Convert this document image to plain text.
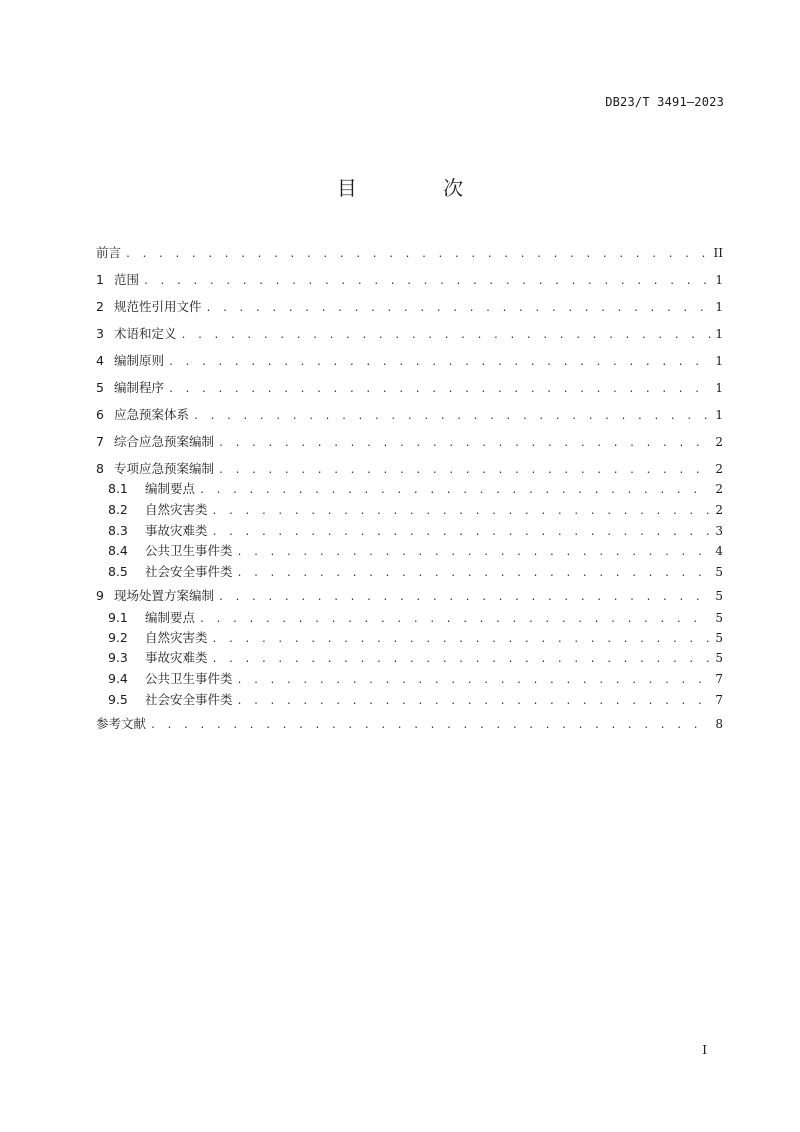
DB23/T 3491—2023
目 次
前言 . . .	II
1 范围 . . .	1
2 规范性引用文件 . . .	1
3 术语和定义 . . .	1
4 编制原则 . . .	1
5 编制程序 . . .	1
6 应急预案体系 . . .	1
7 综合应急预案编制 . . .	2
8 专项应急预案编制 . . .	2
8.1	编制要点 . . .	2
8.2	自然灾害类 . . .	2
8.3	事故灾难类 . . .	3
8.4	公共卫生事件类 . . .	4
8.5	社会安全事件类 . . .	5
9 现场处置方案编制 . . .	5
9.1	编制要点 . . .	5
9.2	自然灾害类 . . .	5
9.3	事故灾难类 . . .	5
9.4	公共卫生事件类 . . .	7
9.5	社会安全事件类 . . .	7
参考文献 . . .	8
I
